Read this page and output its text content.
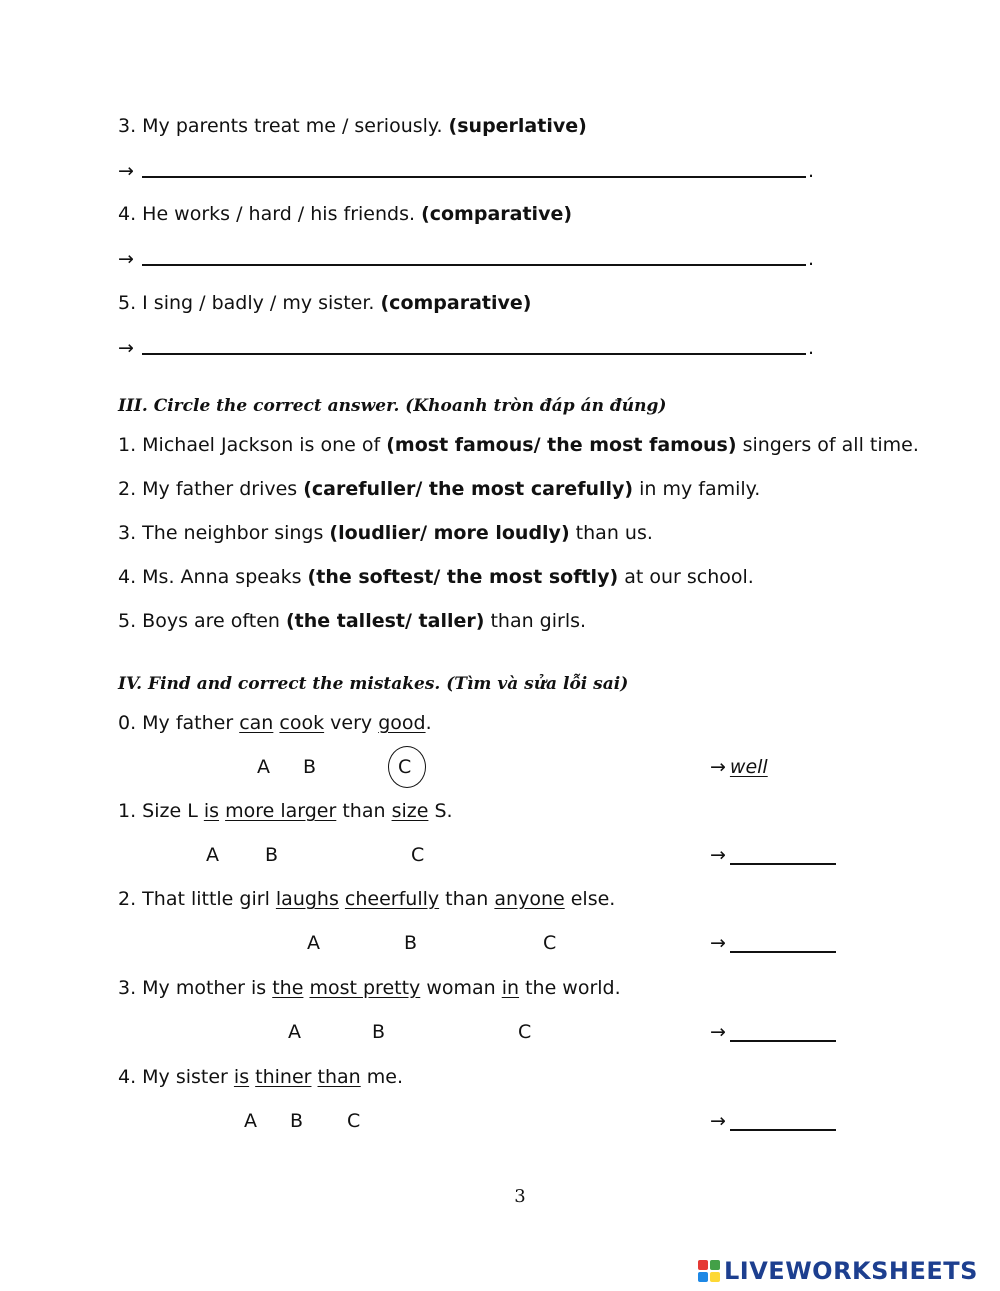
3. My parents treat me / seriously. (superlative)
→	.
4. He works / hard / his friends. (comparative)
→	.
5. I sing / badly / my sister. (comparative)
→	.
III. Circle the correct answer. (Khoanh tròn đáp án đúng)
1. Michael Jackson is one of (most famous/ the most famous) singers of all time.
2. My father drives (carefuller/ the most carefully) in my family.
3. The neighbor sings (loudlier/ more loudly) than us.
4. Ms. Anna speaks (the softest/ the most softly) at our school.
5. Boys are often (the tallest/ taller) than girls.
IV. Find and correct the mistakes. (Tìm và sửa lỗi sai)
0. My father can cook very good.
A B	C	→ well
1. Size L is more larger than size S.
A B	C	→
2. That little girl laughs cheerfully than anyone else.
A	B	C	→
3. My mother is the most pretty woman in the world.
A	B	C	→
4. My sister is thiner than me.
A B C	→
3
LIVEWORKSHEETS
